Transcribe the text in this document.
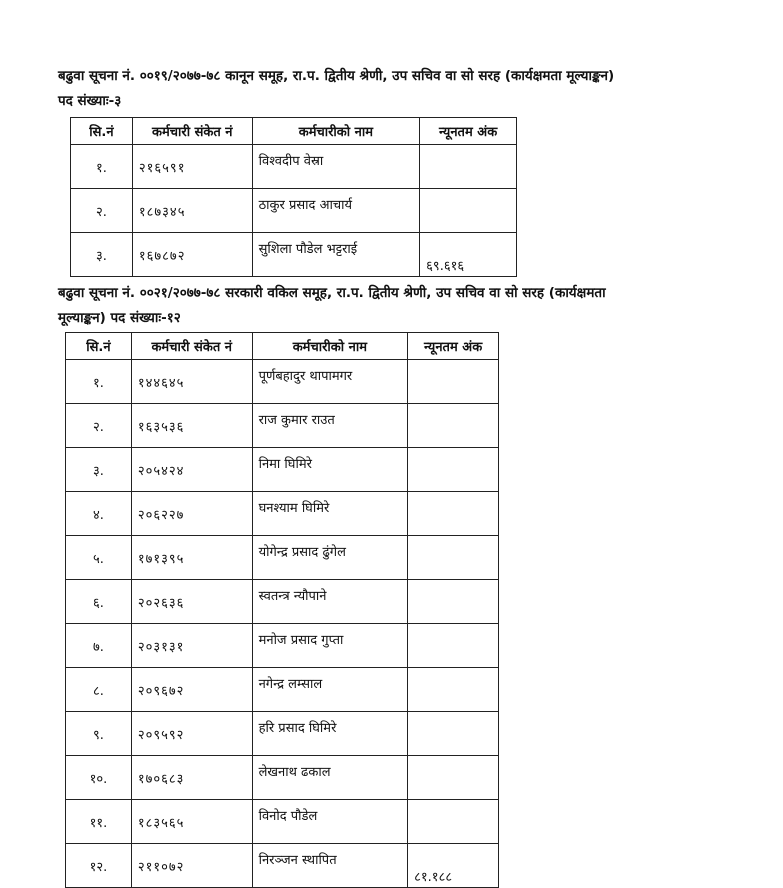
बढुवा सूचना नं. ००१९/२०७७-७८ कानून समूह, रा.प. द्वितीय श्रेणी, उप सचिव वा सो सरह (कार्यक्षमता मूल्याङ्कन)
पद संख्याः-३
सि.नं	कर्मचारी संकेत नं	कर्मचारीको नाम	न्यूनतम अंक
१.	२१६५९१	विश्वदीप वेस्रा	
२.	१८७३४५	ठाकुर प्रसाद आचार्य	
३.	१६७८७२	सुशिला पौडेल भट्टराई	६९.६१६
बढुवा सूचना नं. ००२१/२०७७-७८ सरकारी वकिल समूह, रा.प. द्वितीय श्रेणी, उप सचिव वा सो सरह (कार्यक्षमता
मूल्याङ्कन) पद संख्याः-१२
सि.नं	कर्मचारी संकेत नं	कर्मचारीको नाम	न्यूनतम अंक
१.	१४४६४५	पूर्णबहादुर थापामगर	
२.	१६३५३६	राज कुमार राउत	
३.	२०५४२४	निमा घिमिरे	
४.	२०६२२७	घनश्याम घिमिरे	
५.	१७१३९५	योगेन्द्र प्रसाद ढुंगेल	
६.	२०२६३६	स्वतन्त्र न्यौपाने	
७.	२०३१३१	मनोज प्रसाद गुप्ता	
८.	२०९६७२	नगेन्द्र लम्साल	
९.	२०९५९२	हरि प्रसाद घिमिरे	
१०.	१७०६८३	लेखनाथ ढकाल	
११.	१८३५६५	विनोद पौडेल	
१२.	२११०७२	निरञ्जन स्थापित	८१.१८८
